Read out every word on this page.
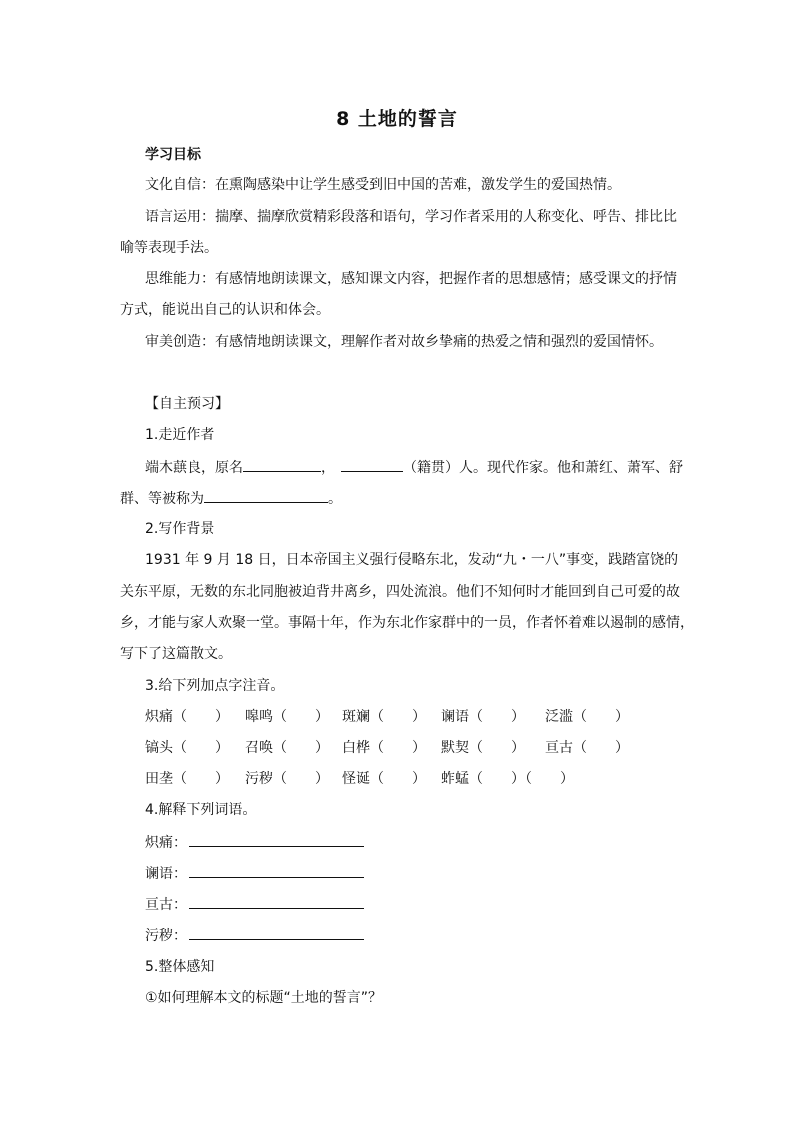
8 土地的誓言
学习目标
文化自信：在熏陶感染中让学生感受到旧中国的苦难，激发学生的爱国热情。
语言运用：揣摩、揣摩欣赏精彩段落和语句，学习作者采用的人称变化、呼告、排比比
喻等表现手法。
思维能力：有感情地朗读课文，感知课文内容，把握作者的思想感情；感受课文的抒情
方式，能说出自己的认识和体会。
审美创造：有感情地朗读课文，理解作者对故乡挚痛的热爱之情和强烈的爱国情怀。
【自主预习】
1.走近作者
端木蕻良，原名	，	（籍贯）人。现代作家。他和萧红、萧军、舒
群、等被称为	。
2.写作背景
1931 年 9 月 18 日，日本帝国主义强行侵略东北，发动“九・一八”事变，践踏富饶的
关东平原，无数的东北同胞被迫背井离乡，四处流浪。他们不知何时才能回到自己可爱的故
乡，才能与家人欢聚一堂。事隔十年，作为东北作家群中的一员，作者怀着难以遏制的感情，
写下了这篇散文。
3.给下列加点字注音。
炽痛（　　） 嗥鸣（　　） 斑斓（　　） 谰语（　　） 泛滥（　　）
镐头（　　） 召唤（　　） 白桦（　　） 默契（　　） 亘古（　　）
田垄（　　） 污秽（　　） 怪诞（　　） 蚱蜢（　　）（　　）
4.解释下列词语。
炽痛：
谰语：
亘古：
污秽：
5.整体感知
①如何理解本文的标题“土地的誓言”？
